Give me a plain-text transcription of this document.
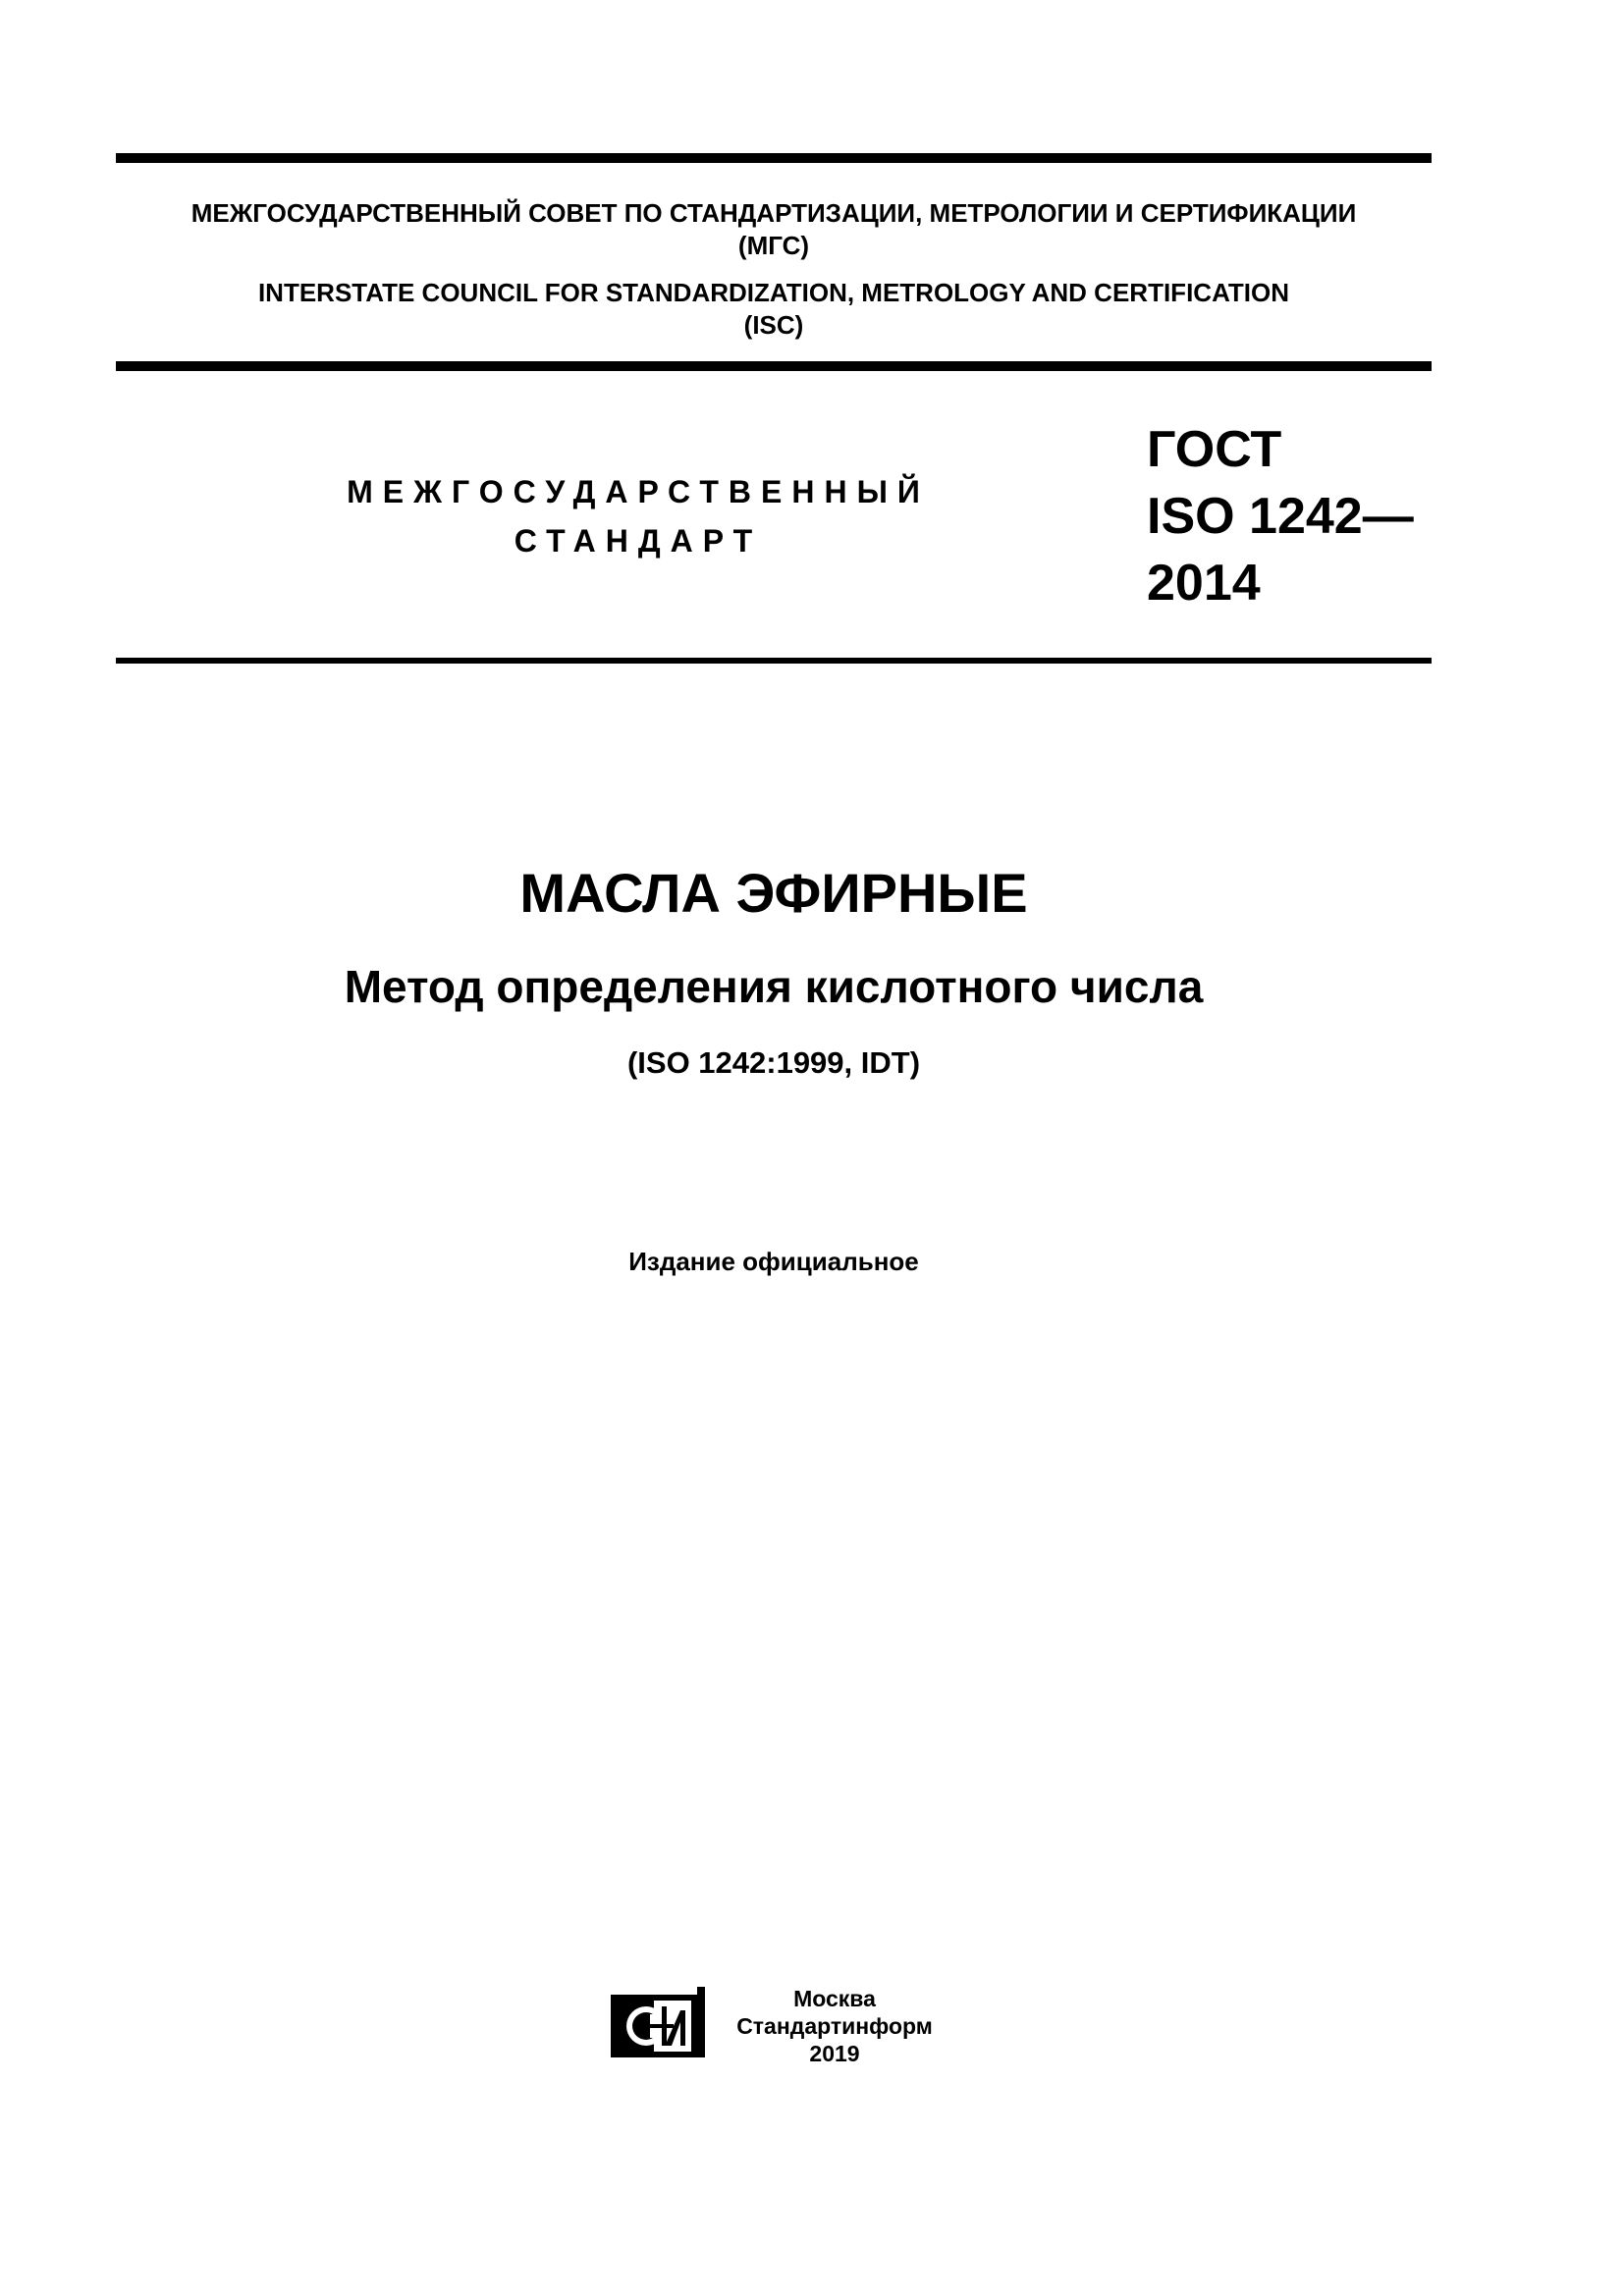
МЕЖГОСУДАРСТВЕННЫЙ СОВЕТ ПО СТАНДАРТИЗАЦИИ, МЕТРОЛОГИИ И СЕРТИФИКАЦИИ
(МГС)
INTERSTATE COUNCIL FOR STANDARDIZATION, METROLOGY AND CERTIFICATION
(ISC)
МЕЖГОСУДАРСТВЕННЫЙ
СТАНДАРТ
ГОСТ
ISO 1242—
2014
МАСЛА ЭФИРНЫЕ
Метод определения кислотного числа
(ISO 1242:1999, IDT)
Издание официальное
Москва
Стандартинформ
2019
